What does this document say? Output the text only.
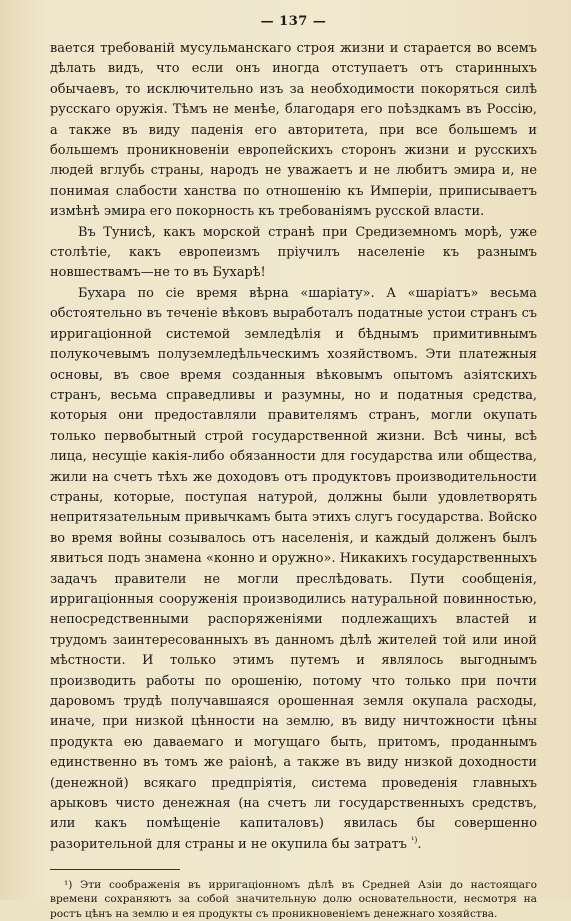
— 137 —

вается требованій мусульманскаго строя жизни и старается во всемъ дѣлать видъ, что если онъ иногда отступаетъ отъ старинныхъ обычаевъ, то исключительно изъ за необходимости покоряться силѣ русскаго оружія. Тѣмъ не менѣе, благодаря его поѣздкамъ въ Россію, а также въ виду паденія его авторитета, при все большемъ и большемъ проникновеніи европейскихъ сторонъ жизни и русскихъ людей вглубь страны, народъ не уважаетъ и не любитъ эмира и, не понимая слабости ханства по отношенію къ Имперіи, приписываетъ измѣнѣ эмира его покорность къ требованіямъ русской власти.

Въ Тунисѣ, какъ морской странѣ при Средиземномъ морѣ, уже столѣтіе, какъ европеизмъ пріучилъ населеніе къ разнымъ новшествамъ—не то въ Бухарѣ!

Бухара по сіе время вѣрна «шаріату». А «шаріатъ» весьма обстоятельно въ теченіе вѣковъ выработалъ податные устои странъ съ ирригаціонной системой земледѣлія и бѣднымъ примитивнымъ полукочевымъ полуземледѣльческимъ хозяйствомъ. Эти платежныя основы, въ свое время созданныя вѣковымъ опытомъ азіятскихъ странъ, весьма справедливы и разумны, но и податныя средства, которыя они предоставляли правителямъ странъ, могли окупать только первобытный строй государственной жизни. Всѣ чины, всѣ лица, несущіе какія-либо обязанности для государства или общества, жили на счетъ тѣхъ же доходовъ отъ продуктовъ производительности страны, которые, поступая натурой, должны были удовлетворять непритязательным привычкамъ быта этихъ слугъ государства. Войско во время войны созывалось отъ населенія, и каждый долженъ былъ явиться подъ знамена «конно и оружно». Никакихъ государственныхъ задачъ правители не могли преслѣдовать. Пути сообщенія, ирригаціонныя сооруженія производились натуральной повинностью, непосредственными распоряженіями подлежащихъ властей и трудомъ заинтересованныхъ въ данномъ дѣлѣ жителей той или иной мѣстности. И только этимъ путемъ и являлось выгоднымъ производить работы по орошенію, потому что только при почти даровомъ трудѣ получавшаяся орошенная земля окупала расходы, иначе, при низкой цѣнности на землю, въ виду ничтожности цѣны продукта ею даваемаго и могущаго быть, притомъ, проданнымъ единственно въ томъ же раіонѣ, а также въ виду низкой доходности (денежной) всякаго предпріятія, система проведенія главныхъ арыковъ чисто денежная (на счетъ ли государственныхъ средствъ, или какъ помѣщеніе капиталовъ) явилась бы совершенно разорительной для страны и не окупила бы затратъ $^{^1)}$.

¹) Эти соображенія въ ирригаціонномъ дѣлѣ въ Средней Азіи до настоящаго времени сохраняютъ за собой значительную долю основательности, несмотря на ростъ цѣнъ на землю и ея продукты съ проникновеніемъ денежнаго хозяйства.
